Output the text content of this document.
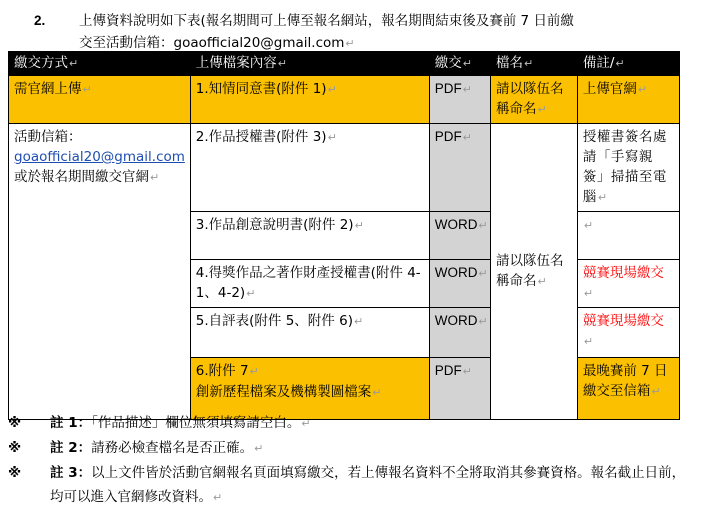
2. 上傳資料說明如下表(報名期間可上傳至報名網站，報名期間結束後及賽前 7 日前繳
交至活動信箱：goaofficial20@gmail.com↵
繳交方式↵	上傳檔案內容↵	繳交↵	檔名↵	備註/↵
需官網上傳↵	1.知情同意書(附件 1)↵	PDF↵	請以隊伍名稱命名↵	上傳官網↵

活動信箱：
goaofficial20@gmail.com
或於報名期間繳交官網↵	2.作品授權書(附件 3)↵	PDF↵	請以隊伍名稱命名↵	授權書簽名處請「手寫親簽」掃描至電腦↵
	3.作品創意說明書(附件 2)↵	WORD↵		↵
	4.得獎作品之著作財產授權書(附件 4-1、4-2)↵	WORD↵		競賽現場繳交↵
	5.自評表(附件 5、附件 6)↵	WORD↵		競賽現場繳交↵

	6.附件 7↵
創新歷程檔案及機構製圖檔案↵	PDF↵		最晚賽前 7 日繳交至信箱↵
※ 註 1：「作品描述」欄位無須填寫請空白。↵
※ 註 2：請務必檢查檔名是否正確。↵
※ 註 3：以上文件皆於活動官網報名頁面填寫繳交，若上傳報名資料不全將取消其參賽資格。報名截止日前，均可以進入官網修改資料。↵
